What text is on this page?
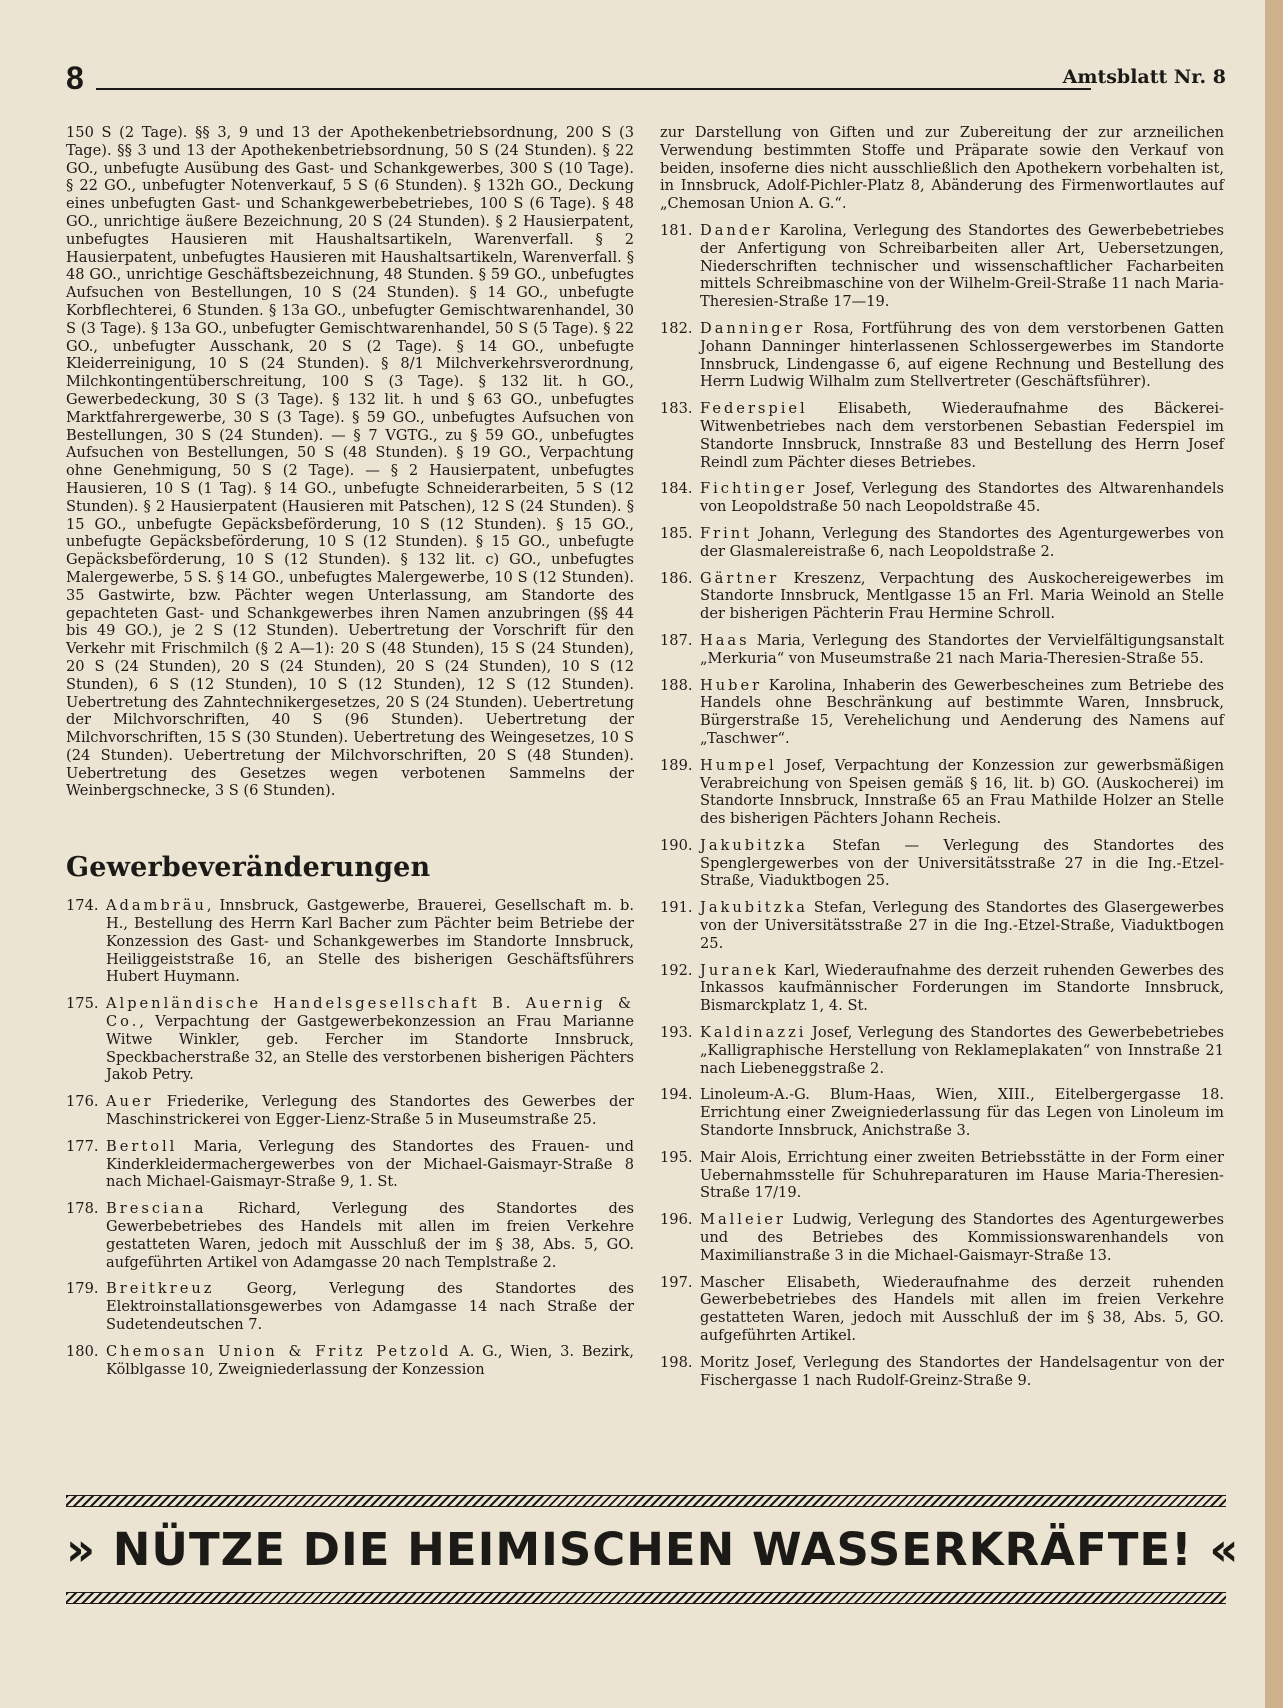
8	Amtsblatt Nr. 8

150 S (2 Tage). §§ 3, 9 und 13 der Apothekenbetriebsordnung, 200 S (3 Tage). §§ 3 und 13 der Apothekenbetriebsordnung, 50 S (24 Stunden). § 22 GO., unbefugte Ausübung des Gast- und Schankgewerbes, 300 S (10 Tage). § 22 GO., unbefugter Notenverkauf, 5 S (6 Stunden). § 132h GO., Deckung eines unbefugten Gast- und Schankgewerbebetriebes, 100 S (6 Tage). § 48 GO., unrichtige äußere Bezeichnung, 20 S (24 Stunden). § 2 Hausierpatent, unbefugtes Hausieren mit Haushaltsartikeln, Warenverfall. § 2 Hausierpatent, unbefugtes Hausieren mit Haushaltsartikeln, Warenverfall. § 48 GO., unrichtige Geschäftsbezeichnung, 48 Stunden. § 59 GO., unbefugtes Aufsuchen von Bestellungen, 10 S (24 Stunden). § 14 GO., unbefugte Korbflechterei, 6 Stunden. § 13a GO., unbefugter Gemischtwarenhandel, 30 S (3 Tage). § 13a GO., unbefugter Gemischtwarenhandel, 50 S (5 Tage). § 22 GO., unbefugter Ausschank, 20 S (2 Tage). § 14 GO., unbefugte Kleiderreinigung, 10 S (24 Stunden). § 8/1 Milchverkehrsverordnung, Milchkontingentüberschreitung, 100 S (3 Tage). § 132 lit. h GO., Gewerbedeckung, 30 S (3 Tage). § 132 lit. h und § 63 GO., unbefugtes Marktfahrergewerbe, 30 S (3 Tage). § 59 GO., unbefugtes Aufsuchen von Bestellungen, 30 S (24 Stunden). — § 7 VGTG., zu § 59 GO., unbefugtes Aufsuchen von Bestellungen, 50 S (48 Stunden). § 19 GO., Verpachtung ohne Genehmigung, 50 S (2 Tage). — § 2 Hausierpatent, unbefugtes Hausieren, 10 S (1 Tag). § 14 GO., unbefugte Schneiderarbeiten, 5 S (12 Stunden). § 2 Hausierpatent (Hausieren mit Patschen), 12 S (24 Stunden). § 15 GO., unbefugte Gepäcksbeförderung, 10 S (12 Stunden). § 15 GO., unbefugte Gepäcksbeförderung, 10 S (12 Stunden). § 15 GO., unbefugte Gepäcksbeförderung, 10 S (12 Stunden). § 132 lit. c) GO., unbefugtes Malergewerbe, 5 S. § 14 GO., unbefugtes Malergewerbe, 10 S (12 Stunden). 35 Gastwirte, bzw. Pächter wegen Unterlassung, am Standorte des gepachteten Gast- und Schankgewerbes ihren Namen anzubringen (§§ 44 bis 49 GO.), je 2 S (12 Stunden). Uebertretung der Vorschrift für den Verkehr mit Frischmilch (§ 2 A—1): 20 S (48 Stunden), 15 S (24 Stunden), 20 S (24 Stunden), 20 S (24 Stunden), 20 S (24 Stunden), 10 S (12 Stunden), 6 S (12 Stunden), 10 S (12 Stunden), 12 S (12 Stunden). Uebertretung des Zahntechnikergesetzes, 20 S (24 Stunden). Uebertretung der Milchvorschriften, 40 S (96 Stunden). Uebertretung der Milchvorschriften, 15 S (30 Stunden). Uebertretung des Weingesetzes, 10 S (24 Stunden). Uebertretung der Milchvorschriften, 20 S (48 Stunden). Uebertretung des Gesetzes wegen verbotenen Sammelns der Weinbergschnecke, 3 S (6 Stunden).

Gewerbeveränderungen
174. Adambräu, Innsbruck, Gastgewerbe, Brauerei, Gesellschaft m. b. H., Bestellung des Herrn Karl Bacher zum Pächter beim Betriebe der Konzession des Gast- und Schankgewerbes im Standorte Innsbruck, Heiliggeiststraße 16, an Stelle des bisherigen Geschäftsführers Hubert Huymann.
175. Alpenländische Handelsgesellschaft B. Auernig & Co., Verpachtung der Gastgewerbekonzession an Frau Marianne Witwe Winkler, geb. Fercher im Standorte Innsbruck, Speckbacherstraße 32, an Stelle des verstorbenen bisherigen Pächters Jakob Petry.
176. Auer Friederike, Verlegung des Standortes des Gewerbes der Maschinstrickerei von Egger-Lienz-Straße 5 in Museumstraße 25.
177. Bertoll Maria, Verlegung des Standortes des Frauen- und Kinderkleidermachergewerbes von der Michael-Gaismayr-Straße 8 nach Michael-Gaismayr-Straße 9, 1. St.
178. Bresciana Richard, Verlegung des Standortes des Gewerbebetriebes des Handels mit allen im freien Verkehre gestatteten Waren, jedoch mit Ausschluß der im § 38, Abs. 5, GO. aufgeführten Artikel von Adamgasse 20 nach Templstraße 2.
179. Breitkreuz Georg, Verlegung des Standortes des Elektroinstallationsgewerbes von Adamgasse 14 nach Straße der Sudetendeutschen 7.
180. Chemosan Union & Fritz Petzold A. G., Wien, 3. Bezirk, Kölblgasse 10, Zweigniederlassung der Konzession

zur Darstellung von Giften und zur Zubereitung der zur arzneilichen Verwendung bestimmten Stoffe und Präparate sowie den Verkauf von beiden, insoferne dies nicht ausschließlich den Apothekern vorbehalten ist, in Innsbruck, Adolf-Pichler-Platz 8, Abänderung des Firmenwortlautes auf „Chemosan Union A. G.“.

181. Dander Karolina, Verlegung des Standortes des Gewerbebetriebes der Anfertigung von Schreibarbeiten aller Art, Uebersetzungen, Niederschriften technischer und wissenschaftlicher Facharbeiten mittels Schreibmaschine von der Wilhelm-Greil-Straße 11 nach Maria-Theresien-Straße 17—19.
182. Danninger Rosa, Fortführung des von dem verstorbenen Gatten Johann Danninger hinterlassenen Schlossergewerbes im Standorte Innsbruck, Lindengasse 6, auf eigene Rechnung und Bestellung des Herrn Ludwig Wilhalm zum Stellvertreter (Geschäftsführer).
183. Federspiel Elisabeth, Wiederaufnahme des Bäckerei-Witwenbetriebes nach dem verstorbenen Sebastian Federspiel im Standorte Innsbruck, Innstraße 83 und Bestellung des Herrn Josef Reindl zum Pächter dieses Betriebes.
184. Fichtinger Josef, Verlegung des Standortes des Altwarenhandels von Leopoldstraße 50 nach Leopoldstraße 45.
185. Frint Johann, Verlegung des Standortes des Agenturgewerbes von der Glasmalereistraße 6, nach Leopoldstraße 2.
186. Gärtner Kreszenz, Verpachtung des Auskochereigewerbes im Standorte Innsbruck, Mentlgasse 15 an Frl. Maria Weinold an Stelle der bisherigen Pächterin Frau Hermine Schroll.
187. Haas Maria, Verlegung des Standortes der Vervielfältigungsanstalt „Merkuria“ von Museumstraße 21 nach Maria-Theresien-Straße 55.
188. Huber Karolina, Inhaberin des Gewerbescheines zum Betriebe des Handels ohne Beschränkung auf bestimmte Waren, Innsbruck, Bürgerstraße 15, Verehelichung und Aenderung des Namens auf „Taschwer“.
189. Humpel Josef, Verpachtung der Konzession zur gewerbsmäßigen Verabreichung von Speisen gemäß § 16, lit. b) GO. (Auskocherei) im Standorte Innsbruck, Innstraße 65 an Frau Mathilde Holzer an Stelle des bisherigen Pächters Johann Recheis.
190. Jakubitzka Stefan — Verlegung des Standortes des Spenglergewerbes von der Universitätsstraße 27 in die Ing.-Etzel-Straße, Viaduktbogen 25.
191. Jakubitzka Stefan, Verlegung des Standortes des Glasergewerbes von der Universitätsstraße 27 in die Ing.-Etzel-Straße, Viaduktbogen 25.
192. Juranek Karl, Wiederaufnahme des derzeit ruhenden Gewerbes des Inkassos kaufmännischer Forderungen im Standorte Innsbruck, Bismarckplatz 1, 4. St.
193. Kaldinazzi Josef, Verlegung des Standortes des Gewerbebetriebes „Kalligraphische Herstellung von Reklameplakaten“ von Innstraße 21 nach Liebeneggstraße 2.
194. Linoleum-A.-G. Blum-Haas, Wien, XIII., Eitelbergergasse 18. Errichtung einer Zweigniederlassung für das Legen von Linoleum im Standorte Innsbruck, Anichstraße 3.
195. Mair Alois, Errichtung einer zweiten Betriebsstätte in der Form einer Uebernahmsstelle für Schuhreparaturen im Hause Maria-Theresien-Straße 17/19.
196. Malleier Ludwig, Verlegung des Standortes des Agenturgewerbes und des Betriebes des Kommissionswarenhandels von Maximilianstraße 3 in die Michael-Gaismayr-Straße 13.
197. Mascher Elisabeth, Wiederaufnahme des derzeit ruhenden Gewerbebetriebes des Handels mit allen im freien Verkehre gestatteten Waren, jedoch mit Ausschluß der im § 38, Abs. 5, GO. aufgeführten Artikel.
198. Moritz Josef, Verlegung des Standortes der Handelsagentur von der Fischergasse 1 nach Rudolf-Greinz-Straße 9.
» NÜTZE DIE HEIMISCHEN WASSERKRÄFTE! «
